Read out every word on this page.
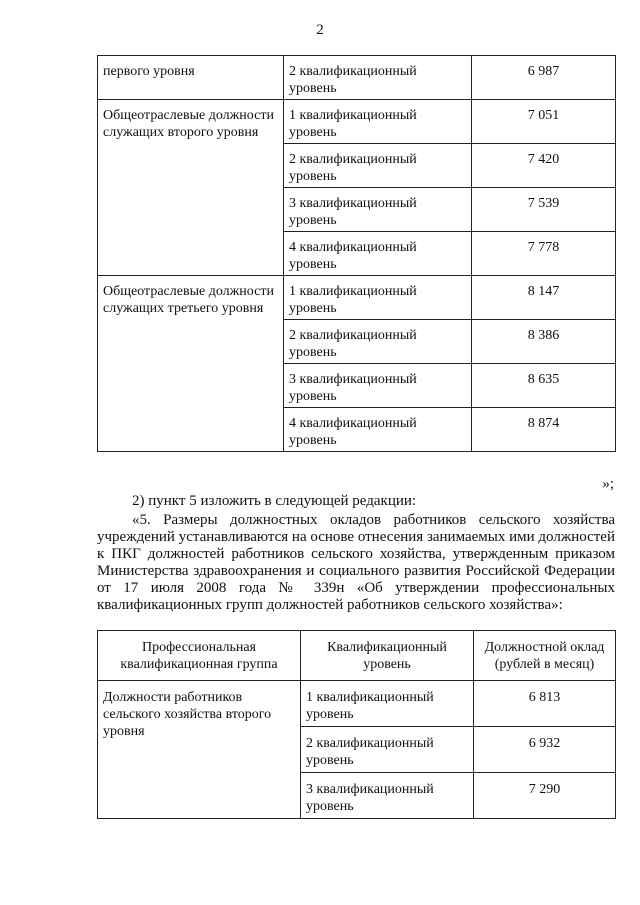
2
первого уровня	2 квалификационный уровень	6 987
Общеотраслевые должности служащих второго уровня	1 квалификационный уровень	7 051
	2 квалификационный уровень	7 420
	3 квалификационный уровень	7 539
	4 квалификационный уровень	7 778
Общеотраслевые должности служащих третьего уровня	1 квалификационный уровень	8 147
	2 квалификационный уровень	8 386
	3 квалификационный уровень	8 635
	4 квалификационный уровень	8 874
»;
2) пункт 5 изложить в следующей редакции:
«5. Размеры должностных окладов работников сельского хозяйства учреждений устанавливаются на основе отнесения занимаемых ими должностей к ПКГ должностей работников сельского хозяйства, утвержденным приказом Министерства здравоохранения и социального развития Российской Федерации от 17 июля 2008 года № 339н «Об утверждении профессиональных квалификационных групп должностей работников сельского хозяйства»:
Профессиональная квалификационная группа	Квалификационный уровень	Должностной оклад (рублей в месяц)
Должности работников сельского хозяйства второго уровня	1 квалификационный уровень	6 813
	2 квалификационный уровень	6 932
	3 квалификационный уровень	7 290
